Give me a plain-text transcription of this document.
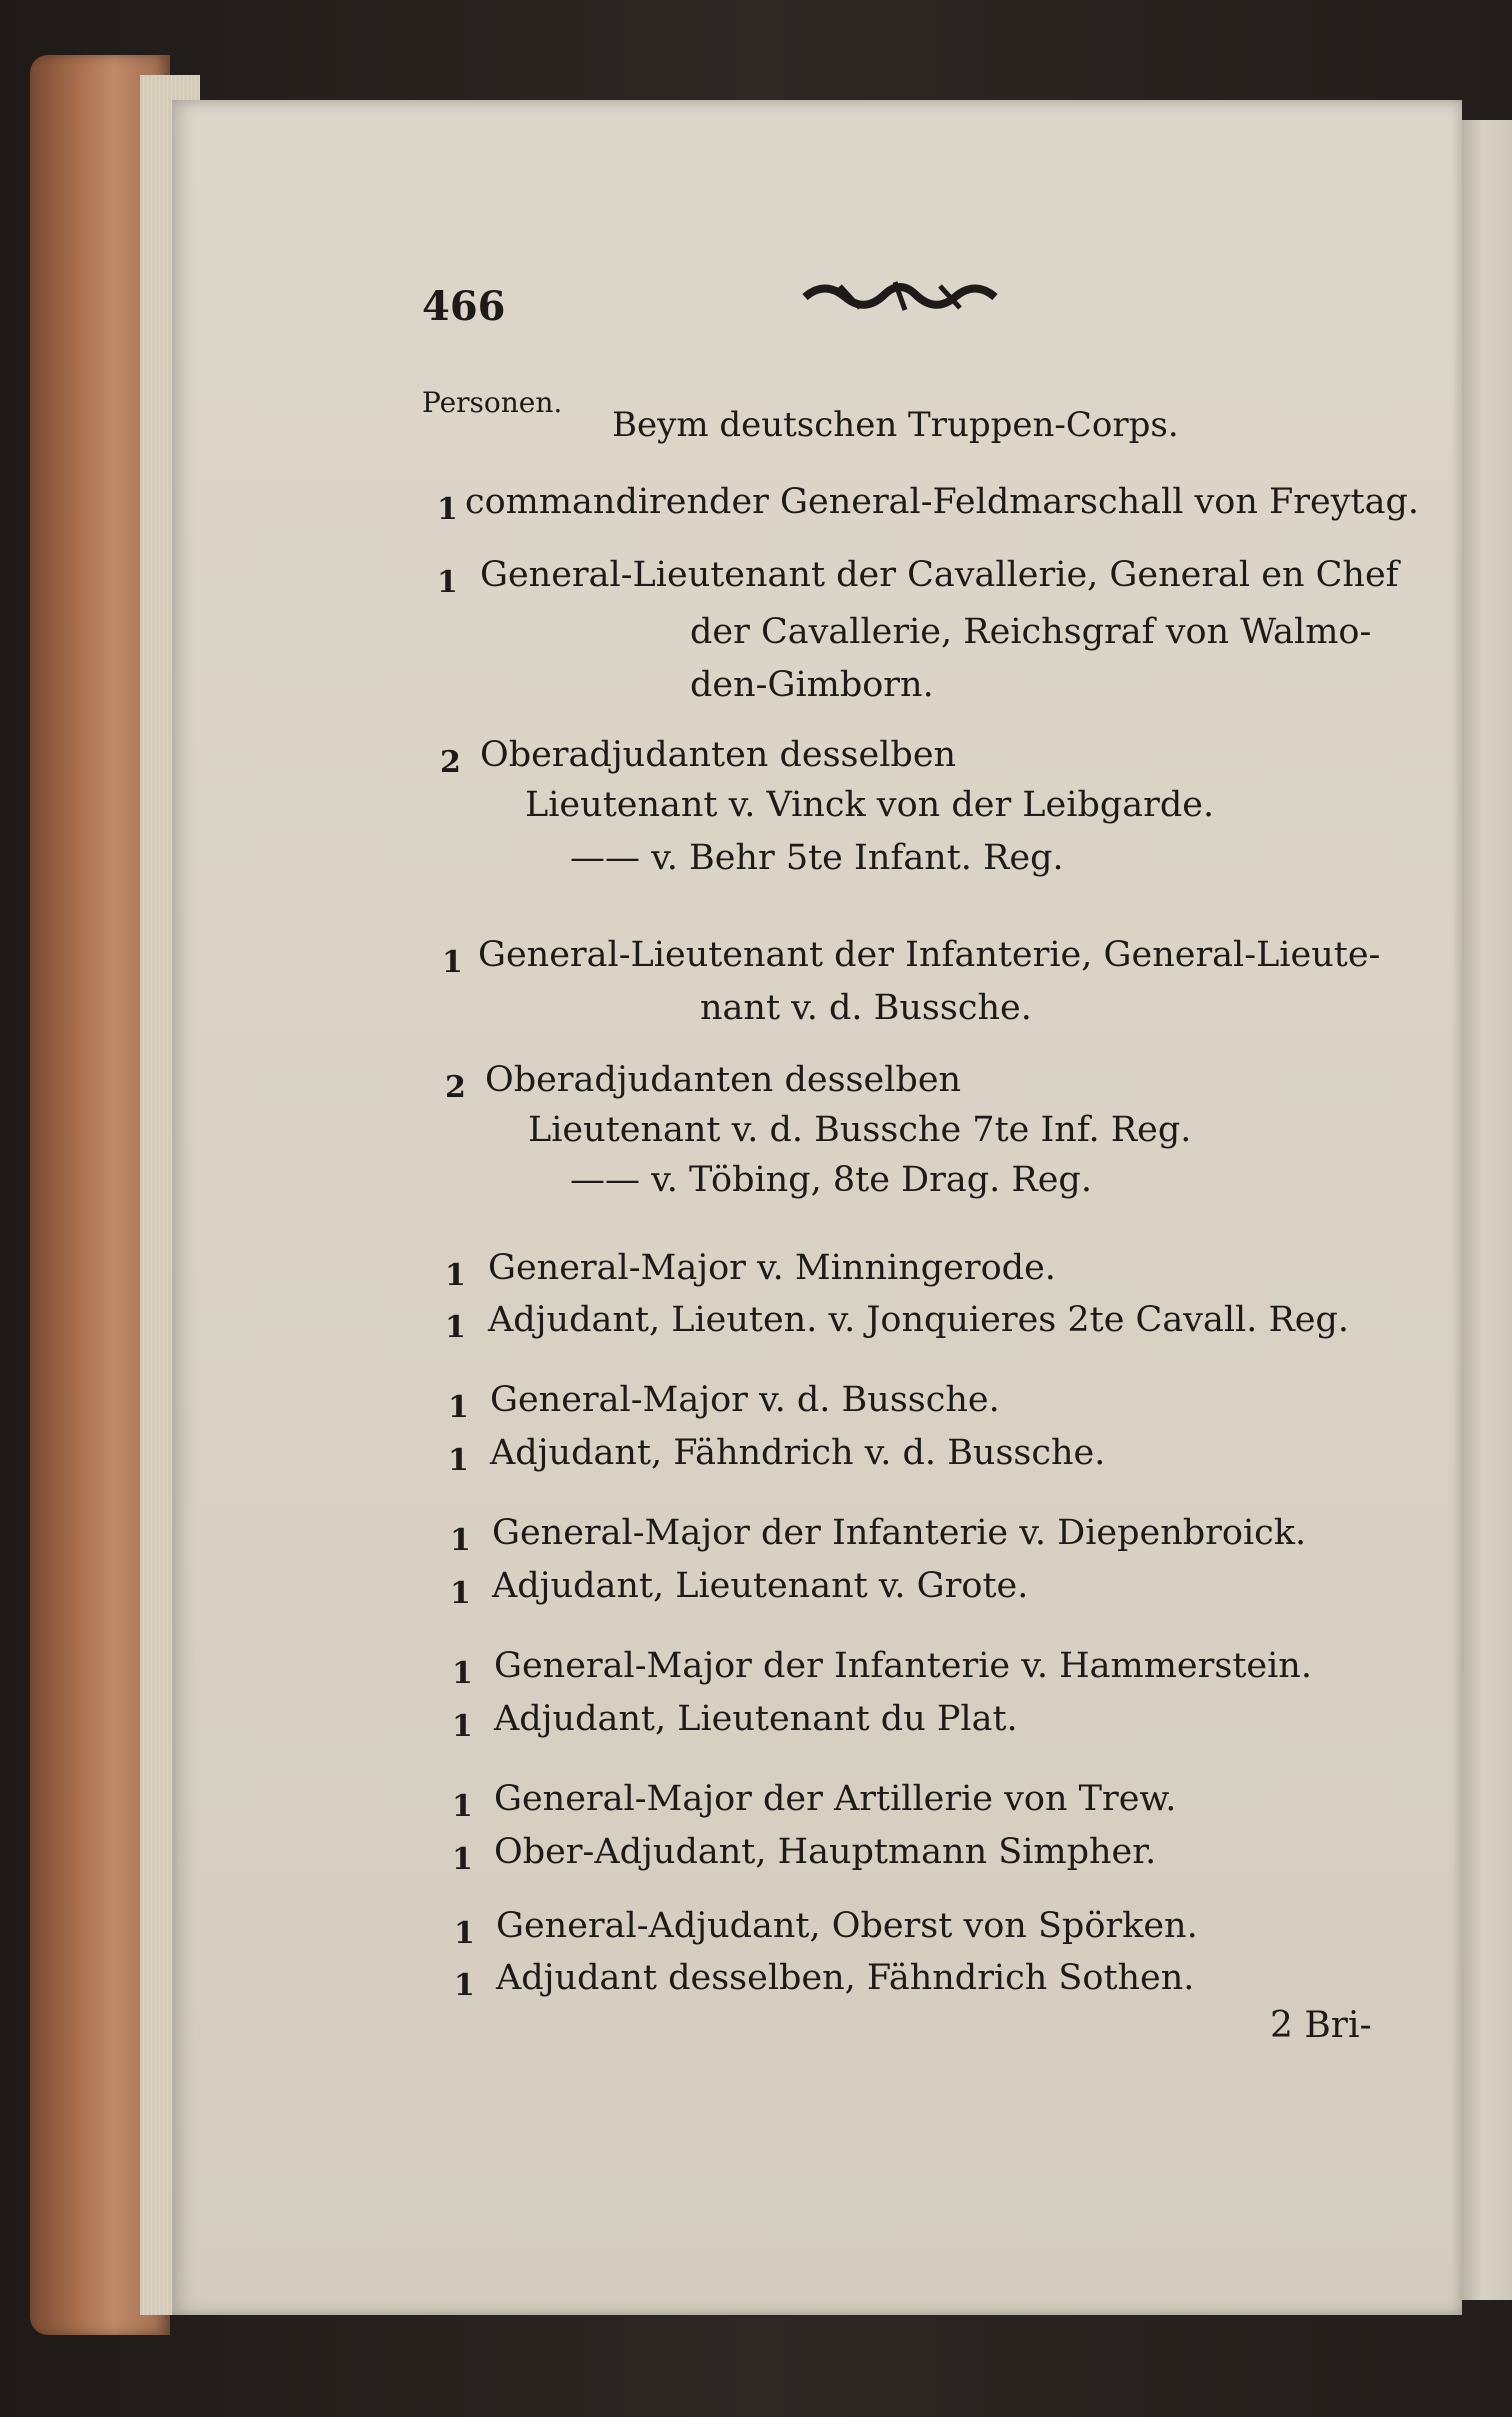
466
Personen.
Beym deutschen Truppen-Corps.
1 commandirender General-Feldmarschall von Freytag.
1 General-Lieutenant der Cavallerie, General en Chef
der Cavallerie, Reichsgraf von Walmo-
den-Gimborn.
2 Oberadjudanten desselben
Lieutenant v. Vinck von der Leibgarde.
—— v. Behr 5te Infant. Reg.
1 General-Lieutenant der Infanterie, General-Lieute-
nant v. d. Bussche.
2 Oberadjudanten desselben
Lieutenant v. d. Bussche 7te Inf. Reg.
—— v. Töbing, 8te Drag. Reg.
1 General-Major v. Minningerode.
1 Adjudant, Lieuten. v. Jonquieres 2te Cavall. Reg.
1 General-Major v. d. Bussche.
1 Adjudant, Fähndrich v. d. Bussche.
1 General-Major der Infanterie v. Diepenbroick.
1 Adjudant, Lieutenant v. Grote.
1 General-Major der Infanterie v. Hammerstein.
1 Adjudant, Lieutenant du Plat.
1 General-Major der Artillerie von Trew.
1 Ober-Adjudant, Hauptmann Simpher.
1 General-Adjudant, Oberst von Spörken.
1 Adjudant desselben, Fähndrich Sothen.
2 Bri-
